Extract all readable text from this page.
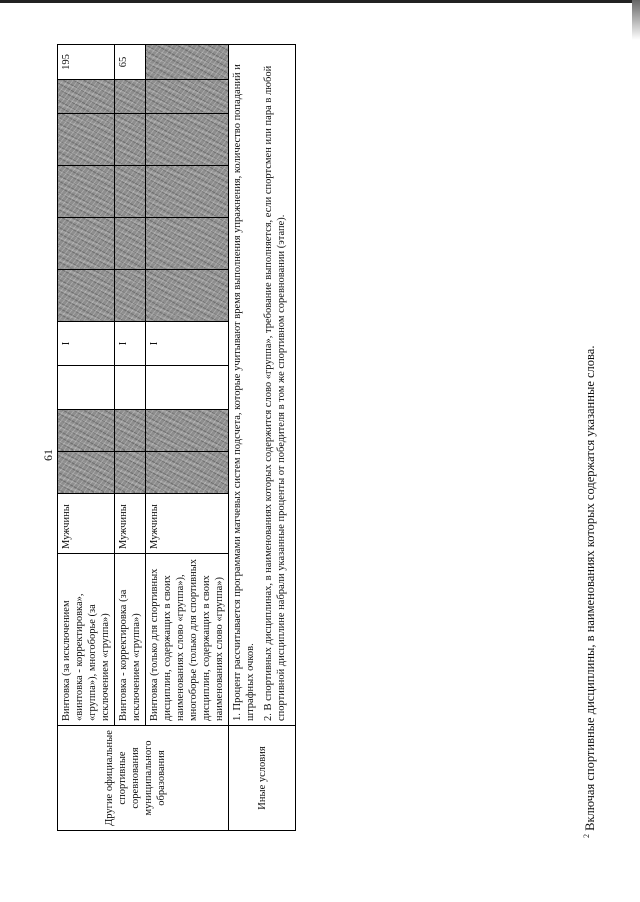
61
Другие официальные спортивные соревнования муниципального образования	Винтовка (за исключением «винтовка - корректировка», «группа»), многоборье (за исключением «группа»)	Мужчины				I						195
	Винтовка - корректировка (за исключением «группа»)	Мужчины				I						65
	Винтовка (только для спортивных дисциплин, содержащих в своих наименованиях слово «группа»), многоборье (только для спортивных дисциплин, содержащих в своих наименованиях слово «группа»)	Мужчины				I						
Иные условия	1. Процент рассчитывается программами матчевых систем подсчета, которые учитывают время выполнения упражнения, количество попаданий и штрафных очков. 2. В спортивных дисциплинах, в наименованиях которых содержится слово «группа», требование выполняется, если спортсмен или пара в любой спортивной дисциплине набрали указанные проценты от победителя в том же спортивном соревновании (этапе).											

$^2$ Включая спортивные дисциплины, в наименованиях которых содержатся указанные слова.
